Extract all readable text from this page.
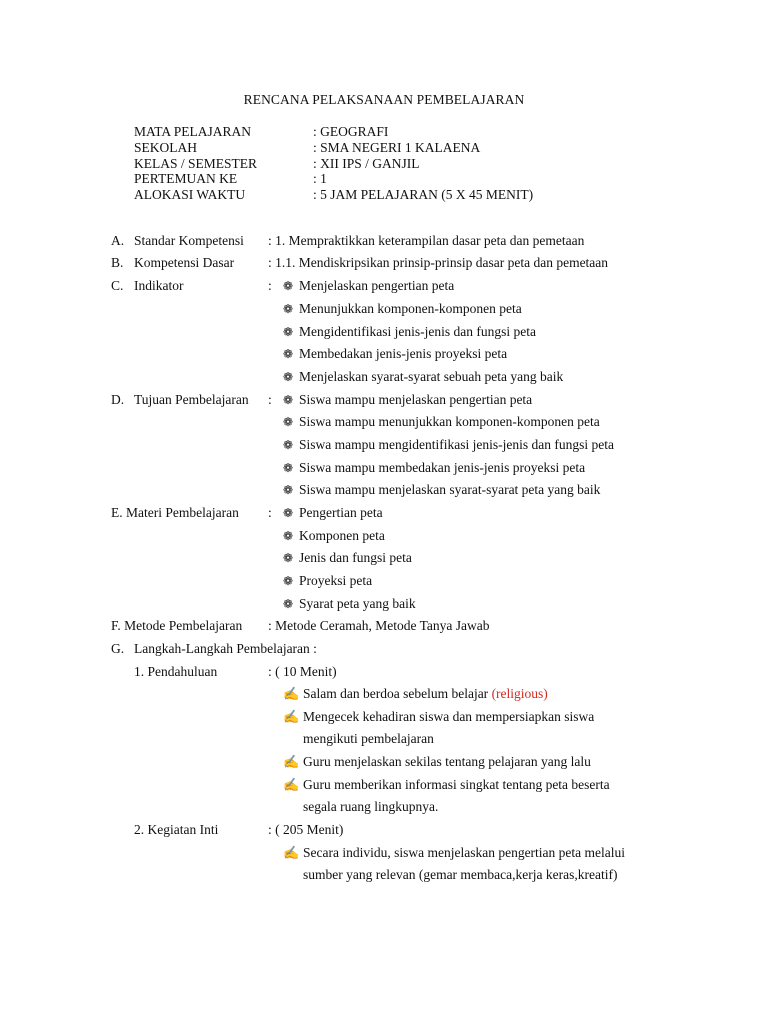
RENCANA PELAKSANAAN PEMBELAJARAN
MATA PELAJARAN	: GEOGRAFI
SEKOLAH	: SMA NEGERI 1 KALAENA
KELAS / SEMESTER	: XII IPS / GANJIL
PERTEMUAN KE	: 1
ALOKASI WAKTU	: 5 JAM PELAJARAN (5 X 45 MENIT)
A. Standar Kompetensi : 1. Mempraktikkan keterampilan dasar peta dan pemetaan
B. Kompetensi Dasar	: 1.1. Mendiskripsikan prinsip-prinsip dasar peta dan pemetaan
C. Indikator	: ❁ Menjelaskan pengertian peta
❁ Menunjukkan komponen-komponen peta
❁ Mengidentifikasi jenis-jenis dan fungsi peta
❁ Membedakan jenis-jenis proyeksi peta
❁ Menjelaskan syarat-syarat sebuah peta yang baik
D. Tujuan Pembelajaran : ❁ Siswa mampu menjelaskan pengertian peta
❁ Siswa mampu menunjukkan komponen-komponen peta
❁ Siswa mampu mengidentifikasi jenis-jenis dan fungsi peta
❁ Siswa mampu membedakan jenis-jenis proyeksi peta
❁ Siswa mampu menjelaskan syarat-syarat peta yang baik
E. Materi Pembelajaran : ❁ Pengertian peta
❁ Komponen peta
❁ Jenis dan fungsi peta
❁ Proyeksi peta
❁ Syarat peta yang baik
F. Metode Pembelajaran : Metode Ceramah, Metode Tanya Jawab
G. Langkah-Langkah Pembelajaran :
1. Pendahuluan	: ( 10 Menit)
✍ Salam dan berdoa sebelum belajar (religious)
✍ Mengecek kehadiran siswa dan mempersiapkan siswa
mengikuti pembelajaran
✍ Guru menjelaskan sekilas tentang pelajaran yang lalu
✍ Guru memberikan informasi singkat tentang peta beserta
segala ruang lingkupnya.
2. Kegiatan Inti	: ( 205 Menit)
✍ Secara individu, siswa menjelaskan pengertian peta melalui
sumber yang relevan (gemar membaca,kerja keras,kreatif)
